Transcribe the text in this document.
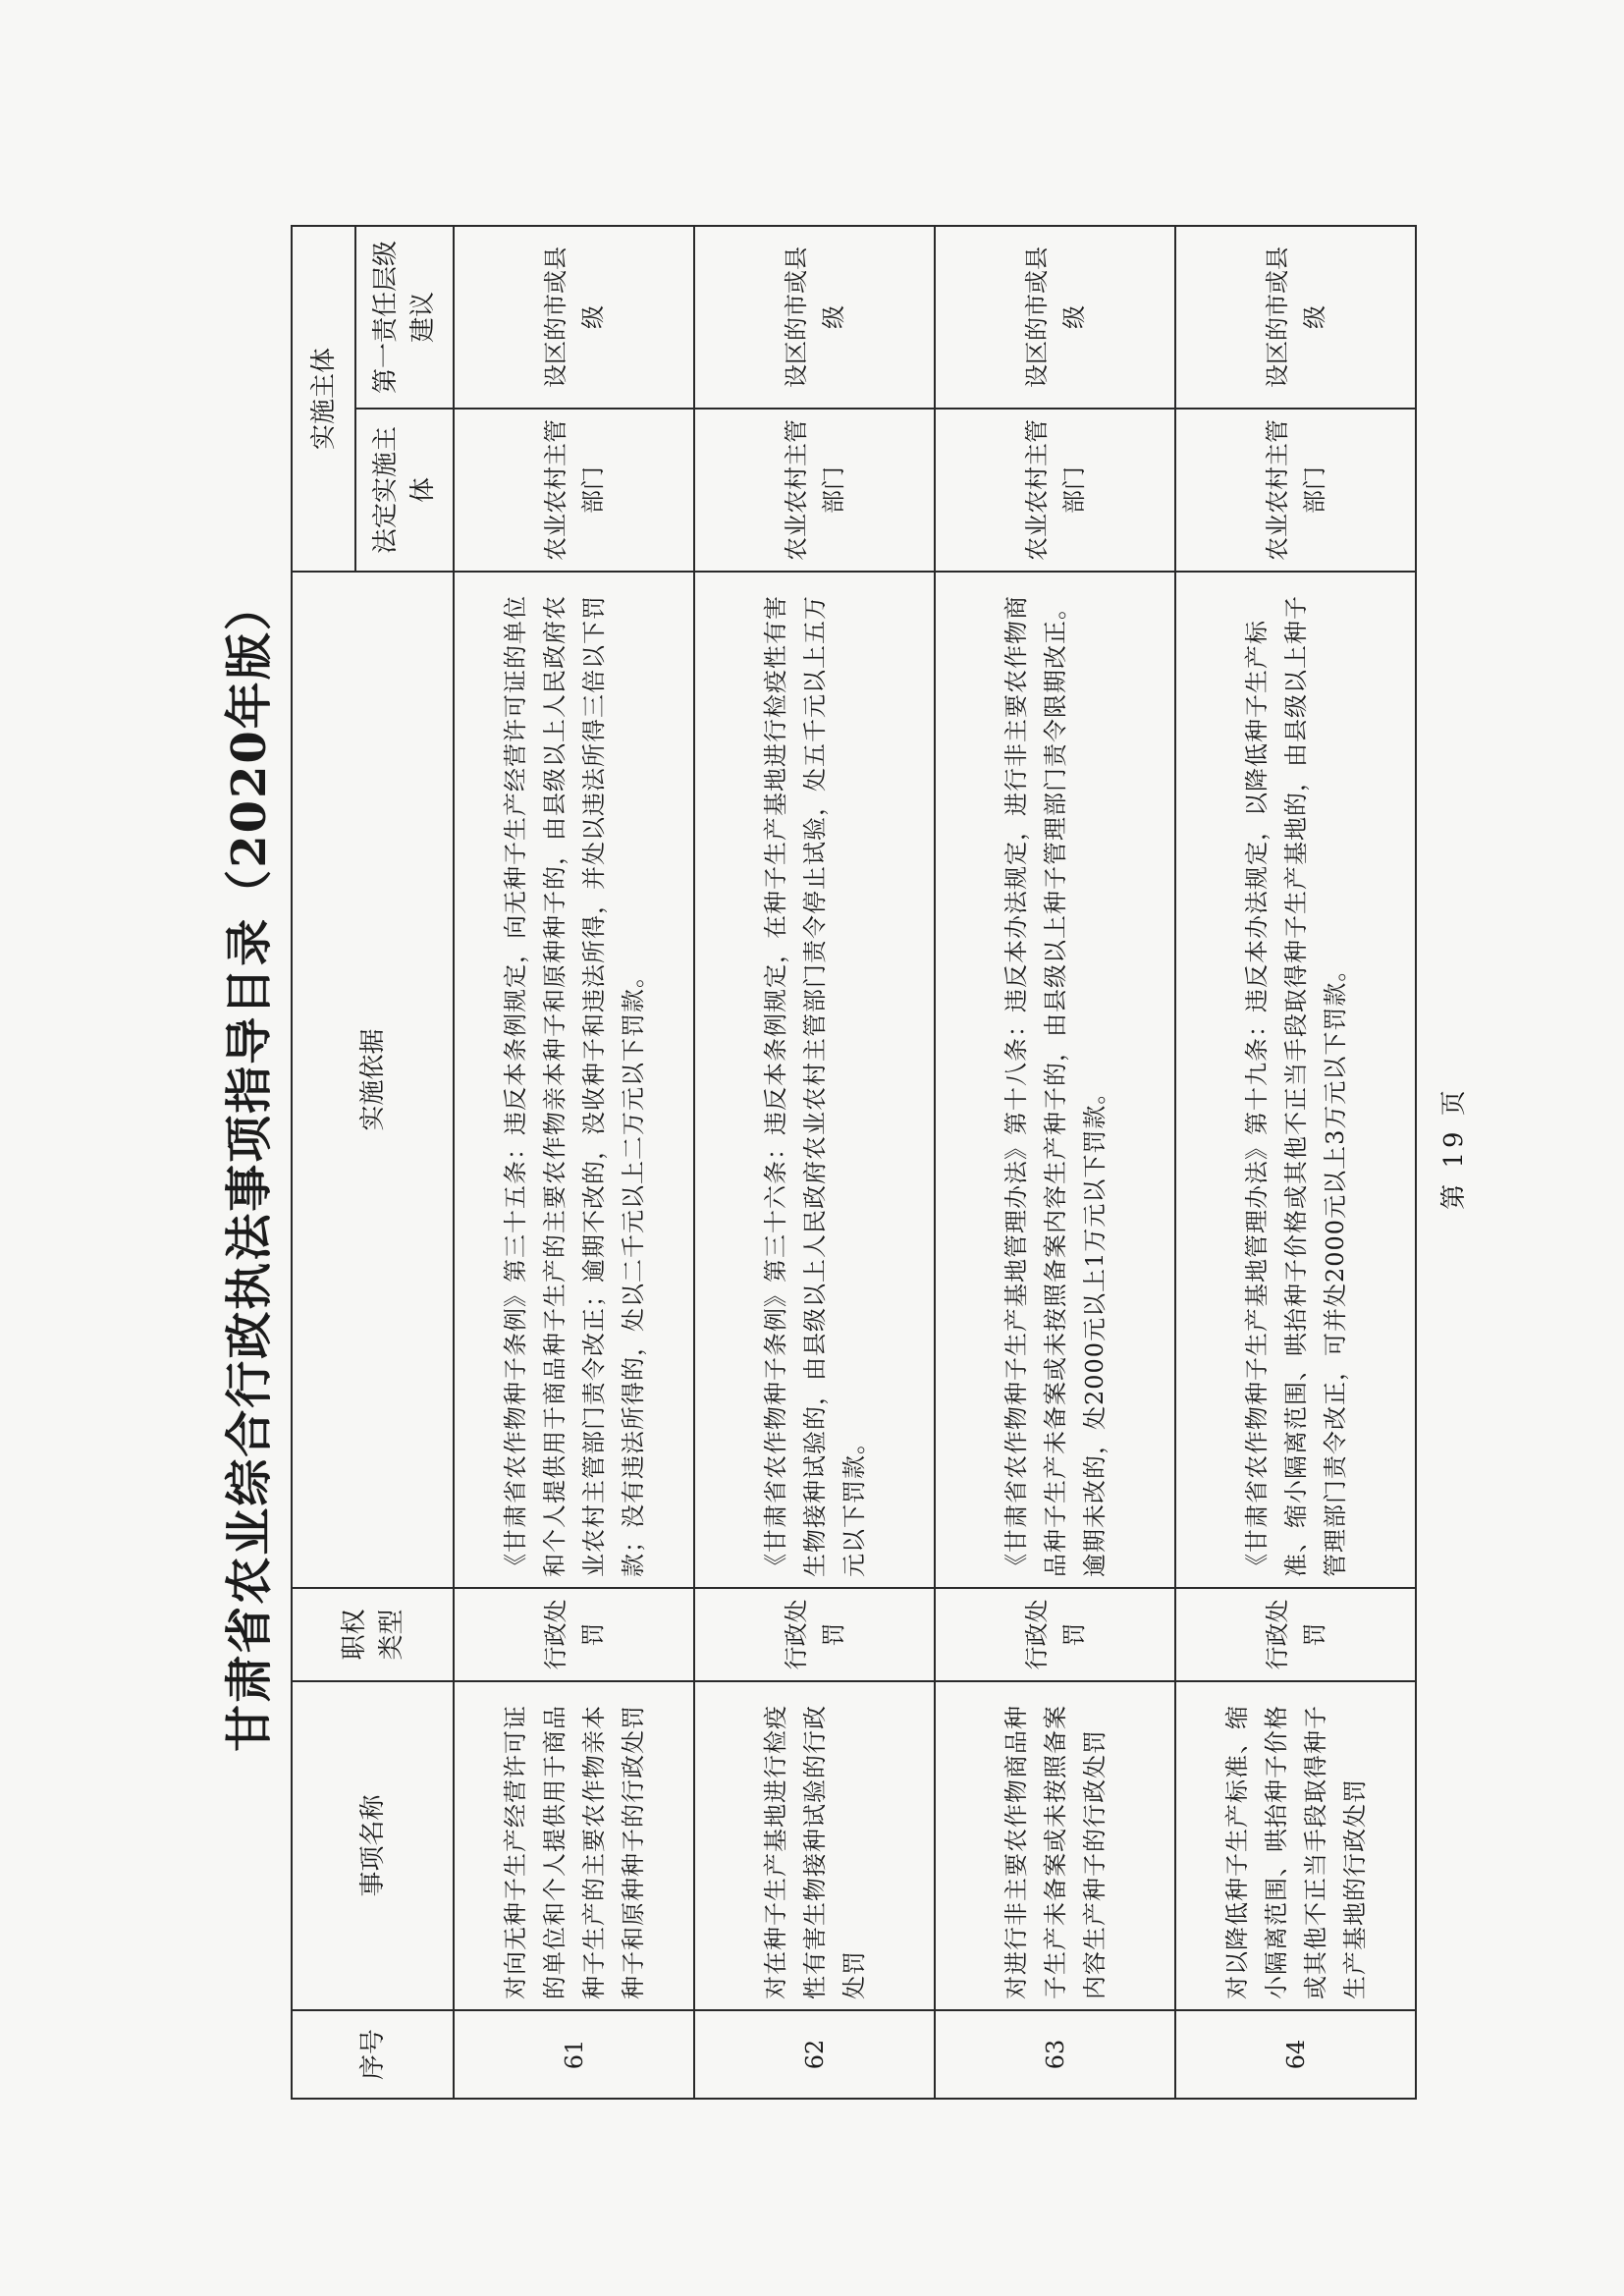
甘肃省农业综合行政执法事项指导目录（2020年版）
序号	事项名称	职权类型	实施依据	实施主体	
				法定实施主体	第一责任层级建议
61	对向无种子生产经营许可证的单位和个人提供用于商品种子生产的主要农作物亲本种子和原种种子的行政处罚	行政处罚	《甘肃省农作物种子条例》第三十五条：违反本条例规定，向无种子生产经营许可证的单位和个人提供用于商品种子生产的主要农作物亲本种子和原种种子的，由县级以上人民政府农业农村主管部门责令改正；逾期不改的，没收种子和违法所得，并处以违法所得三倍以下罚款；没有违法所得的，处以二千元以上二万元以下罚款。	农业农村主管部门	设区的市或县级
62	对在种子生产基地进行检疫性有害生物接种试验的行政处罚	行政处罚	《甘肃省农作物种子条例》第三十六条：违反本条例规定，在种子生产基地进行检疫性有害生物接种试验的，由县级以上人民政府农业农村主管部门责令停止试验，处五千元以上五万元以下罚款。	农业农村主管部门	设区的市或县级
63	对进行非主要农作物商品种子生产未备案或未按照备案内容生产种子的行政处罚	行政处罚	《甘肃省农作物种子生产基地管理办法》第十八条：违反本办法规定，进行非主要农作物商品种子生产未备案或未按照备案内容生产种子的，由县级以上种子管理部门责令限期改正。逾期未改的，处2000元以上1万元以下罚款。	农业农村主管部门	设区的市或县级
64	对以降低种子生产标准、缩小隔离范围、哄抬种子价格或其他不正当手段取得种子生产基地的行政处罚	行政处罚	《甘肃省农作物种子生产基地管理办法》第十九条：违反本办法规定，以降低种子生产标准、缩小隔离范围、哄抬种子价格或其他不正当手段取得种子生产基地的，由县级以上种子管理部门责令改正，可并处2000元以上3万元以下罚款。	农业农村主管部门	设区的市或县级
第 19 页
